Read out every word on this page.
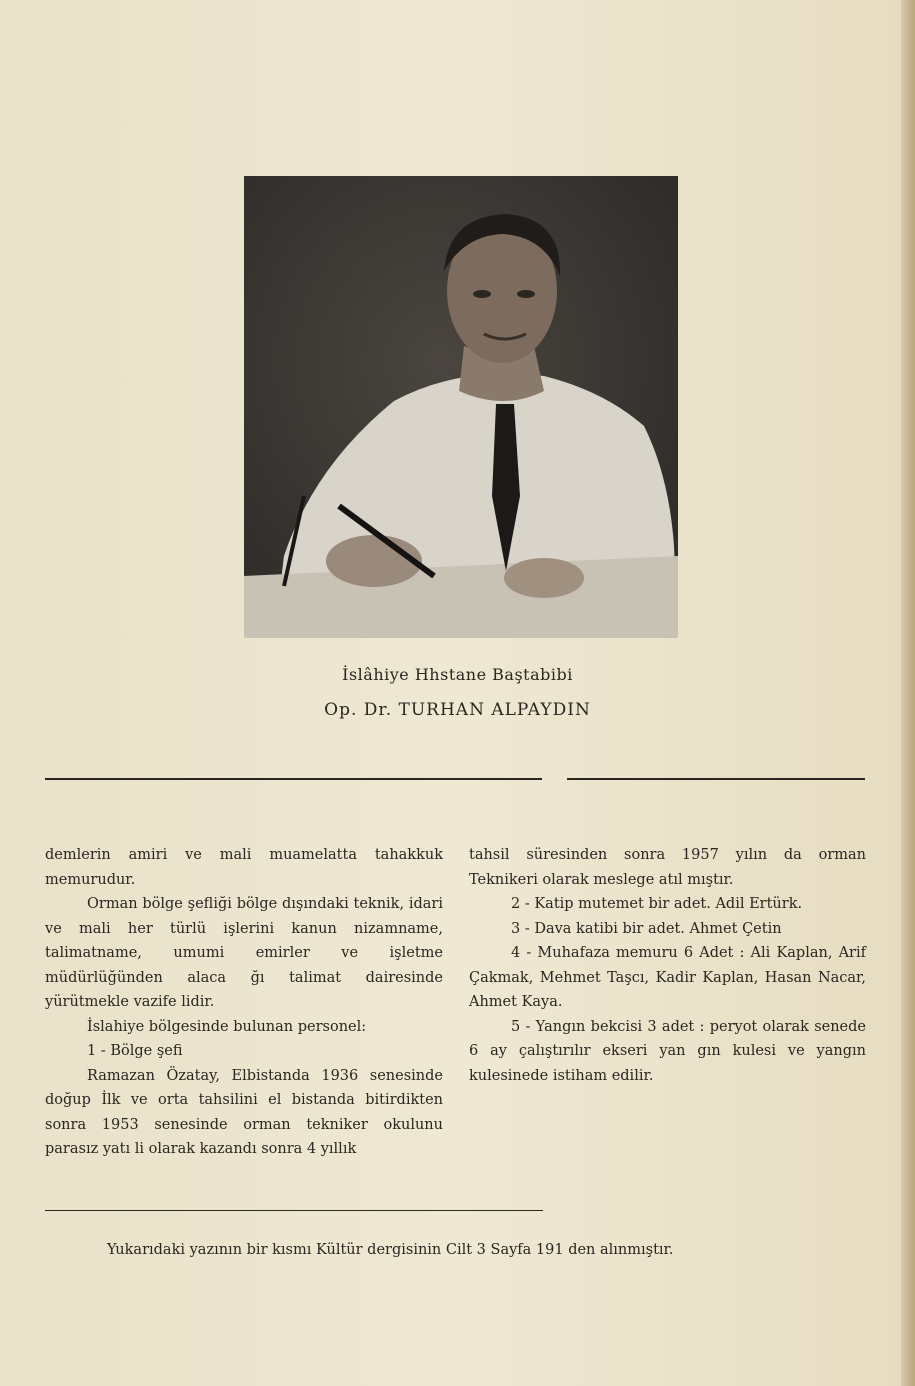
İslâhiye Hhstane Baştabibi
Op. Dr. TURHAN ALPAYDIN

demlerin amiri ve mali muamelatta tahakkuk memurudur.

Orman bölge şefliği bölge dışındaki teknik, idari ve mali her türlü işlerini kanun nizamname, talimatname, umumi emirler ve işletme müdürlüğünden alaca ğı talimat dairesinde yürütmekle vazife lidir.

İslahiye bölgesinde bulunan personel:

1 - Bölge şefi

Ramazan Özatay, Elbistanda 1936 senesinde doğup İlk ve orta tahsilini el bistanda bitirdikten sonra 1953 senesinde orman tekniker okulunu parasız yatı li olarak kazandı sonra 4 yıllık

tahsil süresinden sonra 1957 yılın da orman Teknikeri olarak meslege atıl mıştır.

2 - Katip mutemet bir adet. Adil Ertürk.

3 - Dava katibi bir adet. Ahmet Çetin

4 - Muhafaza memuru 6 Adet : Ali Kaplan, Arif Çakmak, Mehmet Taşcı, Kadir Kaplan, Hasan Nacar, Ahmet Kaya.

5 - Yangın bekcisi 3 adet : peryot olarak senede 6 ay çalıştırılır ekseri yan gın kulesi ve yangın kulesinede istiham edilir.

Yukarıdaki yazının bir kısmı Kültür dergisinin Cilt 3 Sayfa 191 den alınmıştır.
